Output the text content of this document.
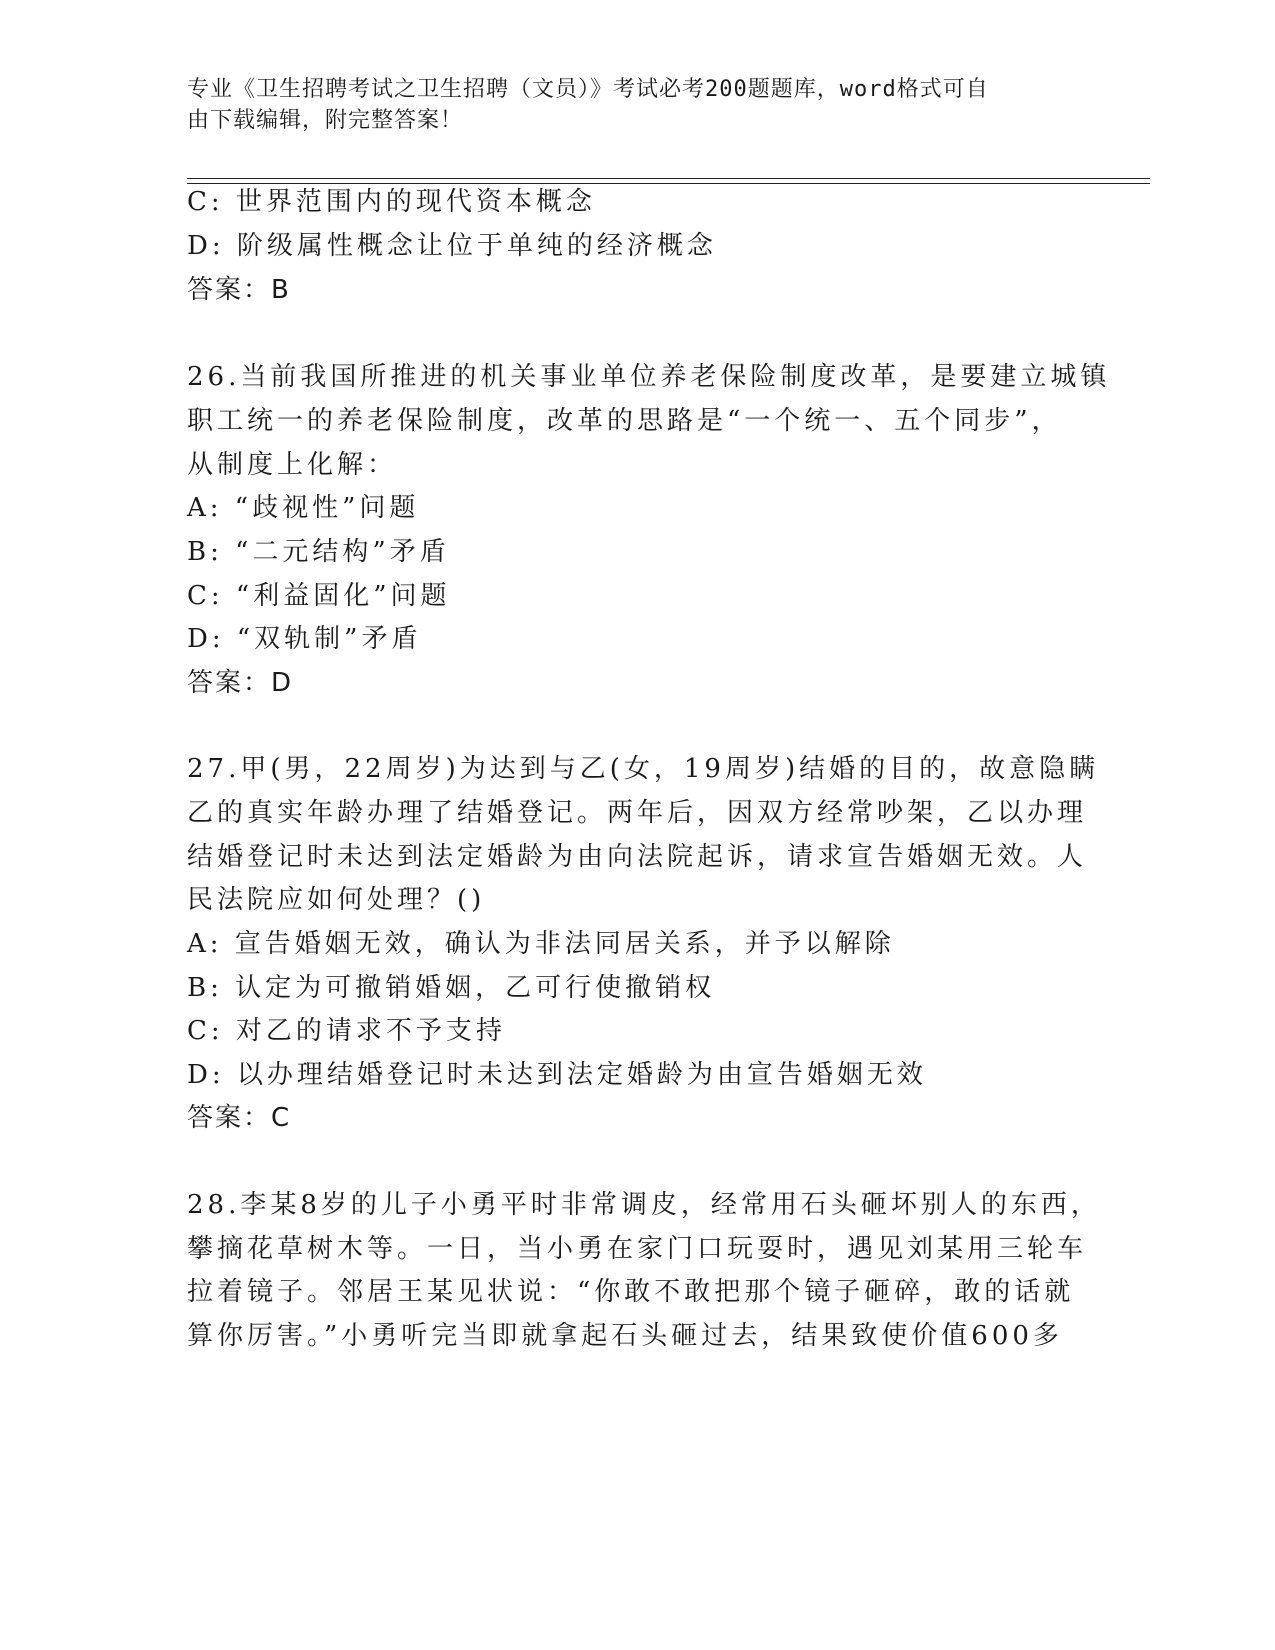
专业《卫生招聘考试之卫生招聘（文员）》考试必考200题题库，word格式可自
由下载编辑，附完整答案！
C: 世界范围内的现代资本概念
D: 阶级属性概念让位于单纯的经济概念
答案：B
26.当前我国所推进的机关事业单位养老保险制度改革，是要建立城镇
职工统一的养老保险制度，改革的思路是“一个统一、五个同步”，
从制度上化解：
A: “歧视性”问题
B: “二元结构”矛盾
C: “利益固化”问题
D: “双轨制”矛盾
答案：D
27.甲(男，22周岁)为达到与乙(女，19周岁)结婚的目的，故意隐瞒
乙的真实年龄办理了结婚登记。两年后，因双方经常吵架，乙以办理
结婚登记时未达到法定婚龄为由向法院起诉，请求宣告婚姻无效。人
民法院应如何处理？()
A: 宣告婚姻无效，确认为非法同居关系，并予以解除
B: 认定为可撤销婚姻，乙可行使撤销权
C: 对乙的请求不予支持
D: 以办理结婚登记时未达到法定婚龄为由宣告婚姻无效
答案：C
28.李某8岁的儿子小勇平时非常调皮，经常用石头砸坏别人的东西，
攀摘花草树木等。一日，当小勇在家门口玩耍时，遇见刘某用三轮车
拉着镜子。邻居王某见状说：“你敢不敢把那个镜子砸碎，敢的话就
算你厉害。”小勇听完当即就拿起石头砸过去，结果致使价值600多
